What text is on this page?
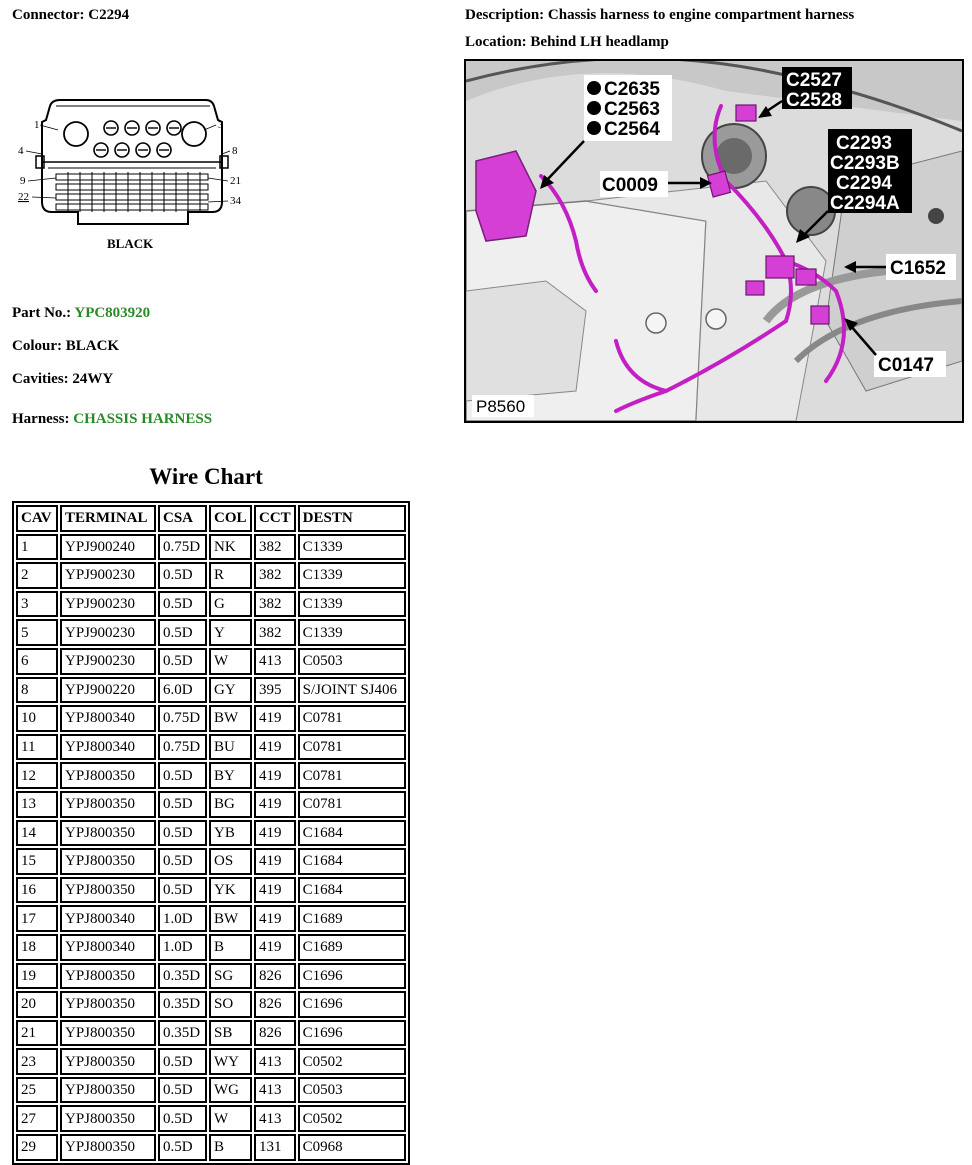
Connector: C2294	Description: Chassis harness to engine compartment harness
Location: Behind LH headlamp
1	3
4	8
9	21
22	34
BLACK
Part No.: YPC803920
Colour: BLACK
Cavities: 24WY
Harness: CHASSIS HARNESS
C2635
C2563
C2564
C2527
C2528
C2293
C2293B
C2294
C2294A
C0009
C1652
C0147
P8560
Wire Chart
CAV	TERMINAL	CSA	COL	CCT	DESTN
1	YPJ900240	0.75D	NK	382	C1339
2	YPJ900230	0.5D	R	382	C1339
3	YPJ900230	0.5D	G	382	C1339
5	YPJ900230	0.5D	Y	382	C1339
6	YPJ900230	0.5D	W	413	C0503
8	YPJ900220	6.0D	GY	395	S/JOINT SJ406
10	YPJ800340	0.75D	BW	419	C0781
11	YPJ800340	0.75D	BU	419	C0781
12	YPJ800350	0.5D	BY	419	C0781
13	YPJ800350	0.5D	BG	419	C0781
14	YPJ800350	0.5D	YB	419	C1684
15	YPJ800350	0.5D	OS	419	C1684
16	YPJ800350	0.5D	YK	419	C1684
17	YPJ800340	1.0D	BW	419	C1689
18	YPJ800340	1.0D	B	419	C1689
19	YPJ800350	0.35D	SG	826	C1696
20	YPJ800350	0.35D	SO	826	C1696
21	YPJ800350	0.35D	SB	826	C1696
23	YPJ800350	0.5D	WY	413	C0502
25	YPJ800350	0.5D	WG	413	C0503
27	YPJ800350	0.5D	W	413	C0502
29	YPJ800350	0.5D	B	131	C0968
